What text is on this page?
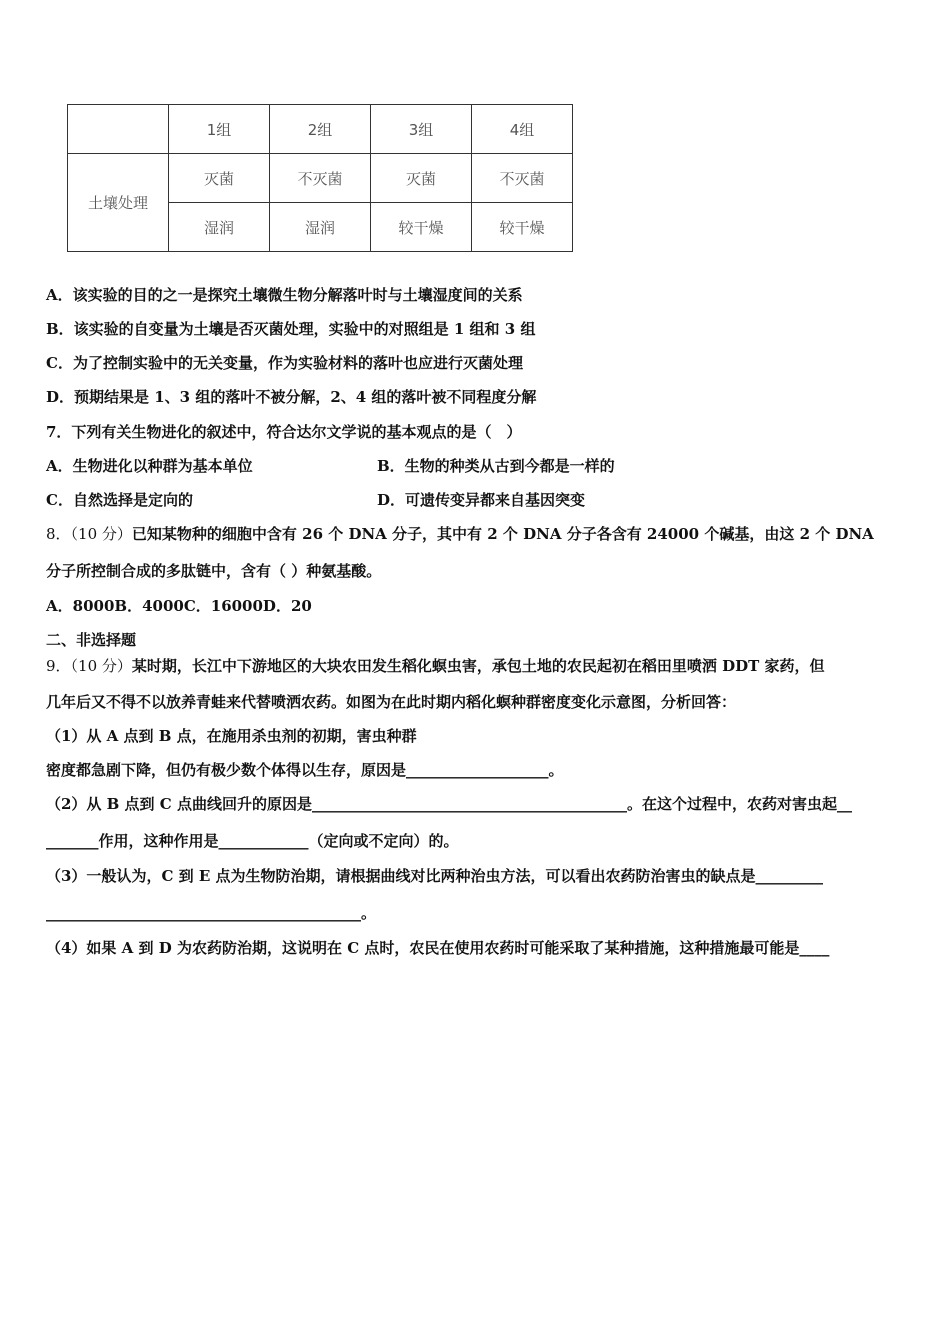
	1组	2组	3组	4组
土壤处理	灭菌	不灭菌	灭菌	不灭菌
	湿润	湿润	较干燥	较干燥
A．该实验的目的之一是探究土壤微生物分解落叶时与土壤湿度间的关系
B．该实验的自变量为土壤是否灭菌处理，实验中的对照组是 1 组和 3 组
C．为了控制实验中的无关变量，作为实验材料的落叶也应进行灭菌处理
D．预期结果是 1、3 组的落叶不被分解，2、4 组的落叶被不同程度分解
7．下列有关生物进化的叙述中，符合达尔文学说的基本观点的是（　）
A．生物进化以种群为基本单位	B．生物的种类从古到今都是一样的
C．自然选择是定向的	D．可遗传变异都来自基因突变
8．（10 分）已知某物种的细胞中含有 26 个 DNA 分子，其中有 2 个 DNA 分子各含有 24000 个碱基，由这 2 个 DNA
分子所控制合成的多肽链中，含有（ ）种氨基酸。
A．8000B．4000C．16000D．20
二、非选择题
9．（10 分）某时期，长江中下游地区的大块农田发生稻化螟虫害，承包土地的农民起初在稻田里喷洒 DDT 家药，但
几年后又不得不以放养青蛙来代替喷洒农药。如图为在此时期内稻化螟种群密度变化示意图，分析回答：
（1）从 A 点到 B 点，在施用杀虫剂的初期，害虫种群
密度都急剧下降，但仍有极少数个体得以生存，原因是___________________。
（2）从 B 点到 C 点曲线回升的原因是__________________________________________。在这个过程中，农药对害虫起__
_______作用，这种作用是____________（定向或不定向）的。
（3）一般认为，C 到 E 点为生物防治期，请根据曲线对比两种治虫方法，可以看出农药防治害虫的缺点是_________
__________________________________________。
（4）如果 A 到 D 为农药防治期，这说明在 C 点时，农民在使用农药时可能采取了某种措施，这种措施最可能是____
